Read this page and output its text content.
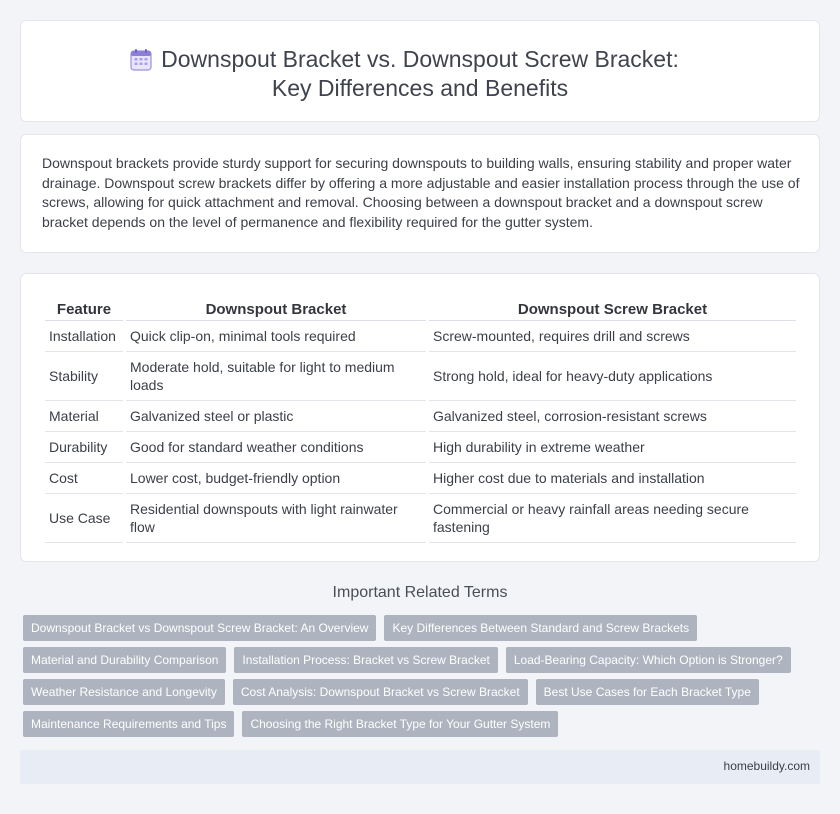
Downspout Bracket vs. Downspout Screw Bracket: Key Differences and Benefits

Downspout brackets provide sturdy support for securing downspouts to building walls, ensuring stability and proper water drainage. Downspout screw brackets differ by offering a more adjustable and easier installation process through the use of screws, allowing for quick attachment and removal. Choosing between a downspout bracket and a downspout screw bracket depends on the level of permanence and flexibility required for the gutter system.

Feature	Downspout Bracket	Downspout Screw Bracket
Installation	Quick clip-on, minimal tools required	Screw-mounted, requires drill and screws
Stability	Moderate hold, suitable for light to medium loads	Strong hold, ideal for heavy-duty applications
Material	Galvanized steel or plastic	Galvanized steel, corrosion-resistant screws
Durability	Good for standard weather conditions	High durability in extreme weather
Cost	Lower cost, budget-friendly option	Higher cost due to materials and installation
Use Case	Residential downspouts with light rainwater flow	Commercial or heavy rainfall areas needing secure fastening
Important Related Terms
Downspout Bracket vs Downspout Screw Bracket: An Overview	Key Differences Between Standard and Screw Brackets
Material and Durability Comparison	Installation Process: Bracket vs Screw Bracket	Load-Bearing Capacity: Which Option is Stronger?
Weather Resistance and Longevity	Cost Analysis: Downspout Bracket vs Screw Bracket	Best Use Cases for Each Bracket Type
Maintenance Requirements and Tips	Choosing the Right Bracket Type for Your Gutter System
homebuildy.com
